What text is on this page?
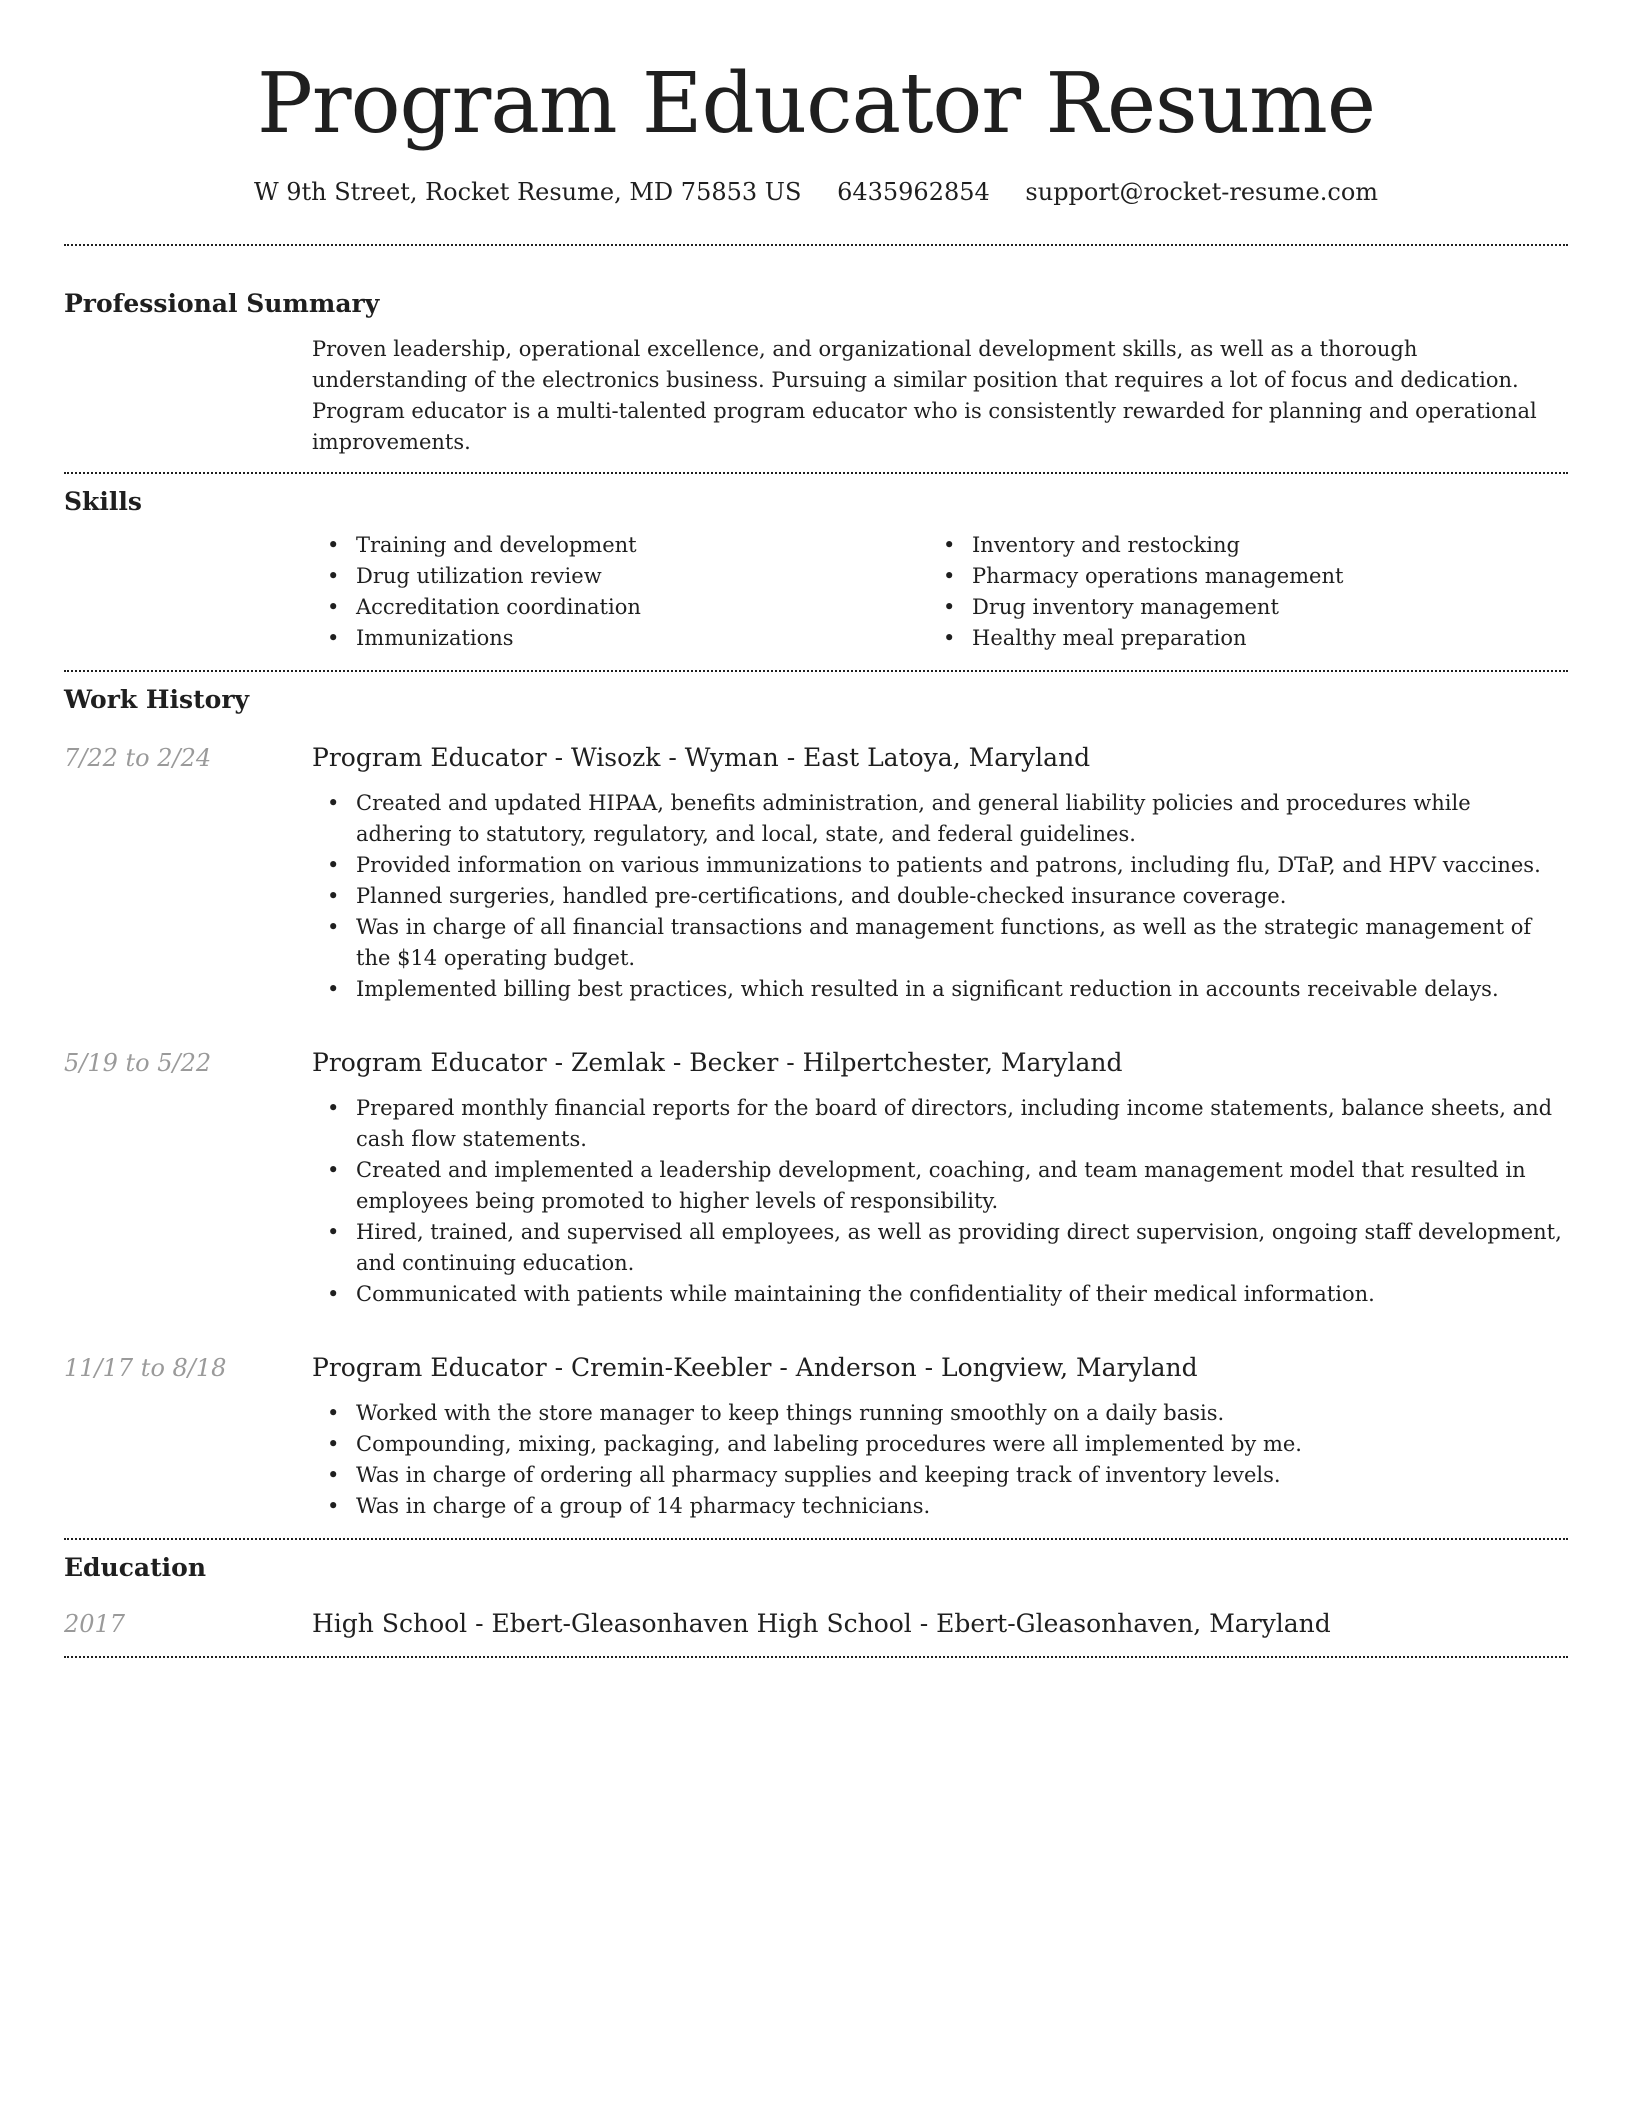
Program Educator Resume
W 9th Street, Rocket Resume, MD 75853 US 6435962854 support@rocket-resume.com
Professional Summary

Proven leadership, operational excellence, and organizational development skills, as well as a thorough understanding of the electronics business. Pursuing a similar position that requires a lot of focus and dedication. Program educator is a multi-talented program educator who is consistently rewarded for planning and operational improvements.

Skills
• Training and development
• Drug utilization review
• Accreditation coordination
• Immunizations
• Inventory and restocking
• Pharmacy operations management
• Drug inventory management
• Healthy meal preparation
Work History
7/22 to 2/24	Program Educator - Wisozk - Wyman - East Latoya, Maryland
• Created and updated HIPAA, benefits administration, and general liability policies and procedures while adhering to statutory, regulatory, and local, state, and federal guidelines.
• Provided information on various immunizations to patients and patrons, including flu, DTaP, and HPV vaccines.
• Planned surgeries, handled pre-certifications, and double-checked insurance coverage.
• Was in charge of all financial transactions and management functions, as well as the strategic management of the $14 operating budget.
• Implemented billing best practices, which resulted in a significant reduction in accounts receivable delays.
5/19 to 5/22	Program Educator - Zemlak - Becker - Hilpertchester, Maryland
• Prepared monthly financial reports for the board of directors, including income statements, balance sheets, and cash flow statements.
• Created and implemented a leadership development, coaching, and team management model that resulted in employees being promoted to higher levels of responsibility.
• Hired, trained, and supervised all employees, as well as providing direct supervision, ongoing staff development, and continuing education.
• Communicated with patients while maintaining the confidentiality of their medical information.
11/17 to 8/18	Program Educator - Cremin-Keebler - Anderson - Longview, Maryland
• Worked with the store manager to keep things running smoothly on a daily basis.
• Compounding, mixing, packaging, and labeling procedures were all implemented by me.
• Was in charge of ordering all pharmacy supplies and keeping track of inventory levels.
• Was in charge of a group of 14 pharmacy technicians.
Education
2017	High School - Ebert-Gleasonhaven High School - Ebert-Gleasonhaven, Maryland
